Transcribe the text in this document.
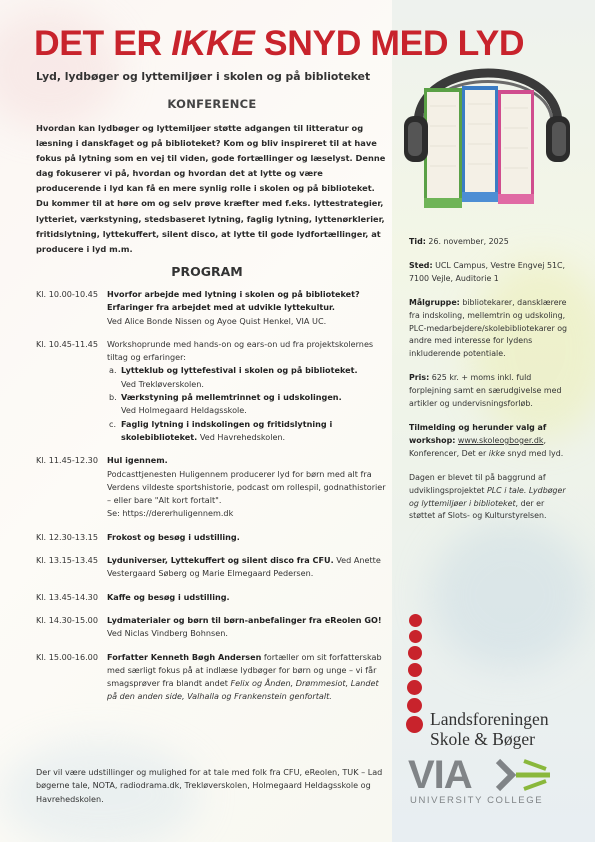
DET ER IKKE SNYD MED LYD
Lyd, lydbøger og lyttemiljøer i skolen og på biblioteket
KONFERENCE

Hvordan kan lydbøger og lyttemiljøer støtte adgangen til litteratur og læsning i danskfaget og på biblioteket? Kom og bliv inspireret til at have fokus på lytning som en vej til viden, gode fortællinger og læselyst. Denne dag fokuserer vi på, hvordan og hvordan det at lytte og være producerende i lyd kan få en mere synlig rolle i skolen og på biblioteket. Du kommer til at høre om og selv prøve kræfter med f.eks. lyttestrategier, lytteriet, værkstyning, stedsbaseret lytning, faglig lytning, lyttenørklerier, fritidslytning, lyttekuffert, silent disco, at lytte til gode lydfortællinger, at producere i lyd m.m.

PROGRAM
Kl. 10.00-10.45	Hvorfor arbejde med lytning i skolen og på biblioteket? Erfaringer fra arbejdet med at udvikle lyttekultur.
Ved Alice Bonde Nissen og Ayoe Quist Henkel, VIA UC.
Kl. 10.45-11.45	Workshoprunde med hands-on og ears-on ud fra projektskolernes tiltag og erfaringer:
a. Lytteklub og lyttefestival i skolen og på biblioteket.
Ved Trekløverskolen.
b. Værkstyning på mellemtrinnet og i udskolingen.
Ved Holmegaard Heldagsskole.
c. Faglig lytning i indskolingen og fritidslytning i skolebiblioteket. Ved Havrehedskolen.
Kl. 11.45-12.30	Hul igennem.
Podcasttjenesten Huligennem producerer lyd for børn med alt fra Verdens vildeste sportshistorie, podcast om rollespil, godnathistorier – eller bare "Alt kort fortalt".
Se: https://dererhuligennem.dk
Kl. 12.30-13.15	Frokost og besøg i udstilling.
Kl. 13.15-13.45	Lyduniverser, Lyttekuffert og silent disco fra CFU. Ved Anette Vestergaard Søberg og Marie Elmegaard Pedersen.
Kl. 13.45-14.30	Kaffe og besøg i udstilling.
Kl. 14.30-15.00	Lydmaterialer og børn til børn-anbefalinger fra eReolen GO! Ved Niclas Vindberg Bohnsen.
Kl. 15.00-16.00	Forfatter Kenneth Bøgh Andersen fortæller om sit forfatterskab med særligt fokus på at indlæse lydbøger for børn og unge – vi får smagsprøver fra blandt andet Felix og Ånden, Drømmesiot, Landet på den anden side, Valhalla og Frankenstein genfortalt.

Der vil være udstillinger og mulighed for at tale med folk fra CFU, eReolen, TUK – Lad bøgerne tale, NOTA, radiodrama.dk, Trekløverskolen, Holmegaard Heldagsskole og Havrehedskolen.

Tid: 26. november, 2025

Sted: UCL Campus, Vestre Engvej 51C, 7100 Vejle, Auditorie 1

Målgruppe: bibliotekarer, dansklærere fra indskoling, mellemtrin og udskoling, PLC-medarbejdere/skolebibliotekarer og andre med interesse for lydens inkluderende potentiale.

Pris: 625 kr. + moms inkl. fuld forplejning samt en særudgivelse med artikler og undervisningsforløb.

Tilmelding og herunder valg af workshop: www.skoleogboger.dk, Konferencer, Det er ikke snyd med lyd.

Dagen er blevet til på baggrund af udviklingsprojektet PLC i tale. Lydbøger og lyttemiljøer i biblioteket, der er støttet af Slots- og Kulturstyrelsen.

Landsforeningen
Skole & Bøger
VIA
UNIVERSITY COLLEGE
